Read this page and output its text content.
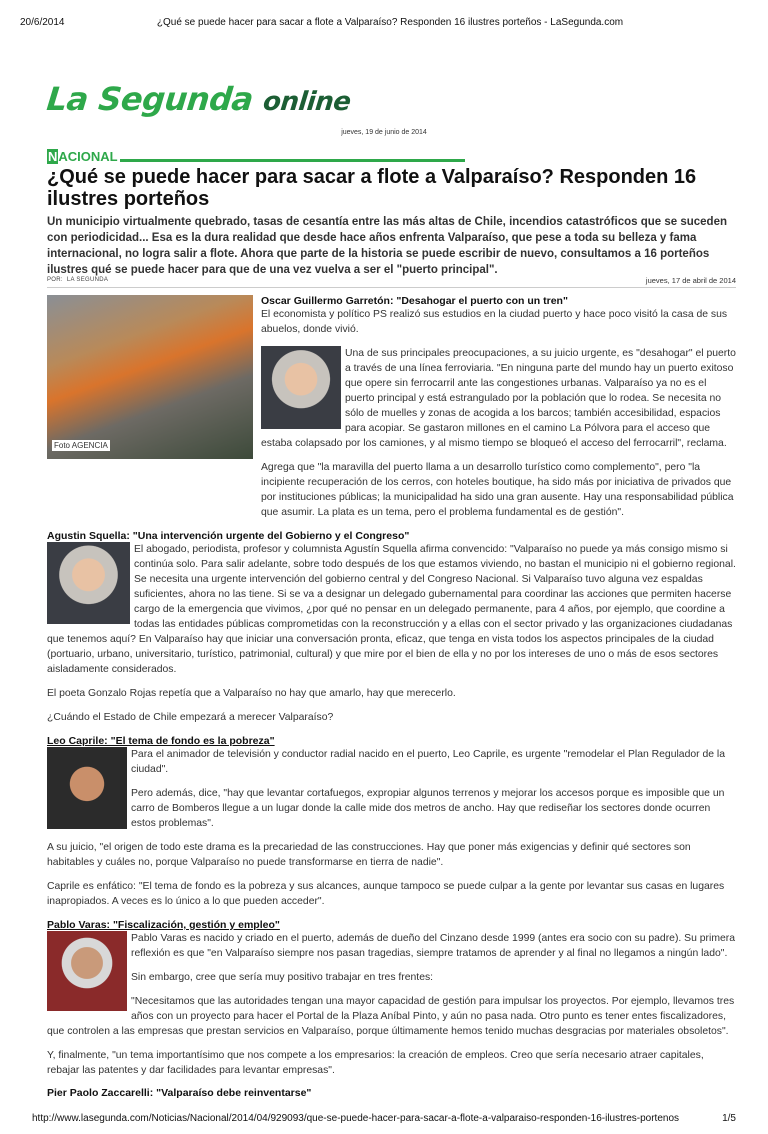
20/6/2014	¿Qué se puede hacer para sacar a flote a Valparaíso? Responden 16 ilustres porteños - LaSegunda.com
La Segunda online
jueves, 19 de junio de 2014
NACIONAL
¿Qué se puede hacer para sacar a flote a Valparaíso? Responden 16 ilustres porteños
Un municipio virtualmente quebrado, tasas de cesantía entre las más altas de Chile, incendios catastróficos que se suceden con periodicidad... Esa es la dura realidad que desde hace años enfrenta Valparaíso, que pese a toda su belleza y fama internacional, no logra salir a flote. Ahora que parte de la historia se puede escribir de nuevo, consultamos a 16 porteños ilustres qué se puede hacer para que de una vez vuelva a ser el "puerto principal".
POR: LA SEGUNDA	jueves, 17 de abril de 2014
Foto AGENCIA
Oscar Guillermo Garretón: "Desahogar el puerto con un tren"

El economista y político PS realizó sus estudios en la ciudad puerto y hace poco visitó la casa de sus abuelos, donde vivió.

Una de sus principales preocupaciones, a su juicio urgente, es "desahogar" el puerto a través de una línea ferroviaria. "En ninguna parte del mundo hay un puerto exitoso que opere sin ferrocarril ante las congestiones urbanas. Valparaíso ya no es el puerto principal y está estrangulado por la población que lo rodea. Se necesita no sólo de muelles y zonas de acogida a los barcos; también accesibilidad, espacios para acopiar. Se gastaron millones en el camino La Pólvora para el acceso que estaba colapsado por los camiones, y al mismo tiempo se bloqueó el acceso del ferrocarril", reclama.

Agrega que "la maravilla del puerto llama a un desarrollo turístico como complemento", pero "la incipiente recuperación de los cerros, con hoteles boutique, ha sido más por iniciativa de privados que por instituciones públicas; la municipalidad ha sido una gran ausente. Hay una responsabilidad pública que asumir. La plata es un tema, pero el problema fundamental es de gestión".

Agustin Squella: "Una intervención urgente del Gobierno y el Congreso"

El abogado, periodista, profesor y columnista Agustín Squella afirma convencido: "Valparaíso no puede ya más consigo mismo si continúa solo. Para salir adelante, sobre todo después de los que estamos viviendo, no bastan el municipio ni el gobierno regional. Se necesita una urgente intervención del gobierno central y del Congreso Nacional. Si Valparaíso tuvo alguna vez espaldas suficientes, ahora no las tiene. Si se va a designar un delegado gubernamental para coordinar las acciones que permiten hacerse cargo de la emergencia que vivimos, ¿por qué no pensar en un delegado permanente, para 4 años, por ejemplo, que coordine a todas las entidades públicas comprometidas con la reconstrucción y a ellas con el sector privado y las organizaciones ciudadanas que tenemos aquí? En Valparaíso hay que iniciar una conversación pronta, eficaz, que tenga en vista todos los aspectos principales de la ciudad (portuario, urbano, universitario, turístico, patrimonial, cultural) y que mire por el bien de ella y no por los intereses de uno o más de esos sectores aisladamente considerados.

El poeta Gonzalo Rojas repetía que a Valparaíso no hay que amarlo, hay que merecerlo.

¿Cuándo el Estado de Chile empezará a merecer Valparaíso?

Leo Caprile: "El tema de fondo es la pobreza"

Para el animador de televisión y conductor radial nacido en el puerto, Leo Caprile, es urgente "remodelar el Plan Regulador de la ciudad".

Pero además, dice, "hay que levantar cortafuegos, expropiar algunos terrenos y mejorar los accesos porque es imposible que un carro de Bomberos llegue a un lugar donde la calle mide dos metros de ancho. Hay que rediseñar los sectores donde ocurren estos problemas".

A su juicio, "el origen de todo este drama es la precariedad de las construcciones. Hay que poner más exigencias y definir qué sectores son habitables y cuáles no, porque Valparaíso no puede transformarse en tierra de nadie".

Caprile es enfático: "El tema de fondo es la pobreza y sus alcances, aunque tampoco se puede culpar a la gente por levantar sus casas en lugares inapropiados. A veces es lo único a lo que pueden acceder".

Pablo Varas: "Fiscalización, gestión y empleo"

Pablo Varas es nacido y criado en el puerto, además de dueño del Cinzano desde 1999 (antes era socio con su padre). Su primera reflexión es que "en Valparaíso siempre nos pasan tragedias, siempre tratamos de aprender y al final no llegamos a ningún lado".

Sin embargo, cree que sería muy positivo trabajar en tres frentes:

"Necesitamos que las autoridades tengan una mayor capacidad de gestión para impulsar los proyectos. Por ejemplo, llevamos tres años con un proyecto para hacer el Portal de la Plaza Aníbal Pinto, y aún no pasa nada. Otro punto es tener entes fiscalizadores, que controlen a las empresas que prestan servicios en Valparaíso, porque últimamente hemos tenido muchas desgracias por materiales obsoletos".

Y, finalmente, "un tema importantísimo que nos compete a los empresarios: la creación de empleos. Creo que sería necesario atraer capitales, rebajar las patentes y dar facilidades para levantar empresas".

Pier Paolo Zaccarelli: "Valparaíso debe reinventarse"
http://www.lasegunda.com/Noticias/Nacional/2014/04/929093/que-se-puede-hacer-para-sacar-a-flote-a-valparaiso-responden-16-ilustres-portenos	1/5
